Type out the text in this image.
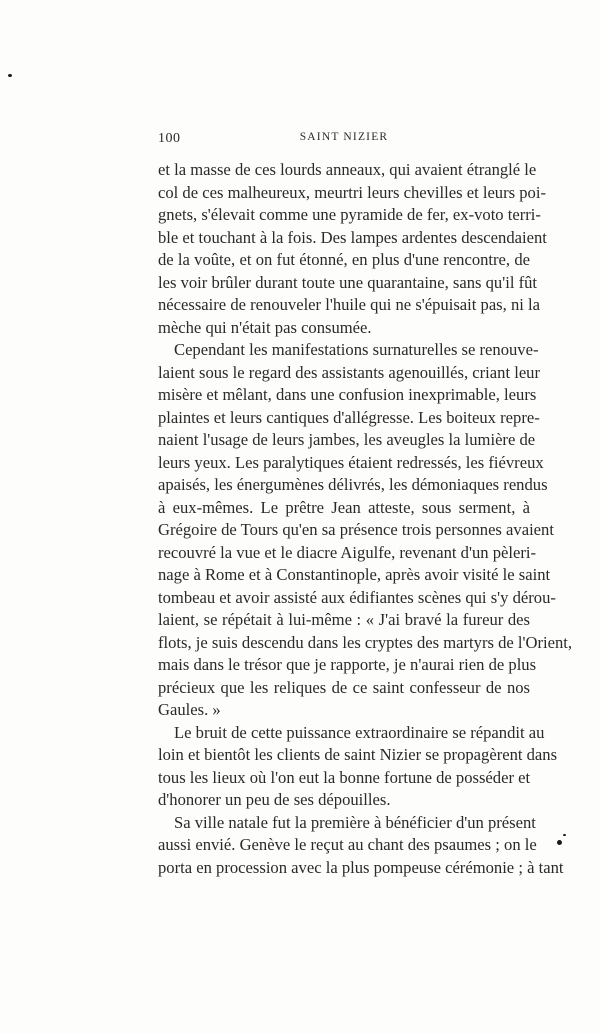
100	SAINT NIZIER
et la masse de ces lourds anneaux, qui avaient étranglé le
col de ces malheureux, meurtri leurs chevilles et leurs poi-
gnets, s'élevait comme une pyramide de fer, ex-voto terri-
ble et touchant à la fois. Des lampes ardentes descendaient
de la voûte, et on fut étonné, en plus d'une rencontre, de
les voir brûler durant toute une quarantaine, sans qu'il fût
nécessaire de renouveler l'huile qui ne s'épuisait pas, ni la
mèche qui n'était pas consumée.
Cependant les manifestations surnaturelles se renouve-
laient sous le regard des assistants agenouillés, criant leur
misère et mêlant, dans une confusion inexprimable, leurs
plaintes et leurs cantiques d'allégresse. Les boiteux repre-
naient l'usage de leurs jambes, les aveugles la lumière de
leurs yeux. Les paralytiques étaient redressés, les fiévreux
apaisés, les énergumènes délivrés, les démoniaques rendus
à eux-mêmes. Le prêtre Jean atteste, sous serment, à
Grégoire de Tours qu'en sa présence trois personnes avaient
recouvré la vue et le diacre Aigulfe, revenant d'un pèleri-
nage à Rome et à Constantinople, après avoir visité le saint
tombeau et avoir assisté aux édifiantes scènes qui s'y dérou-
laient, se répétait à lui-même : « J'ai bravé la fureur des
flots, je suis descendu dans les cryptes des martyrs de l'Orient,
mais dans le trésor que je rapporte, je n'aurai rien de plus
précieux que les reliques de ce saint confesseur de nos
Gaules. »
Le bruit de cette puissance extraordinaire se répandit au
loin et bientôt les clients de saint Nizier se propagèrent dans
tous les lieux où l'on eut la bonne fortune de posséder et
d'honorer un peu de ses dépouilles.
Sa ville natale fut la première à bénéficier d'un présent
aussi envié. Genève le reçut au chant des psaumes ; on le
porta en procession avec la plus pompeuse cérémonie ; à tant
